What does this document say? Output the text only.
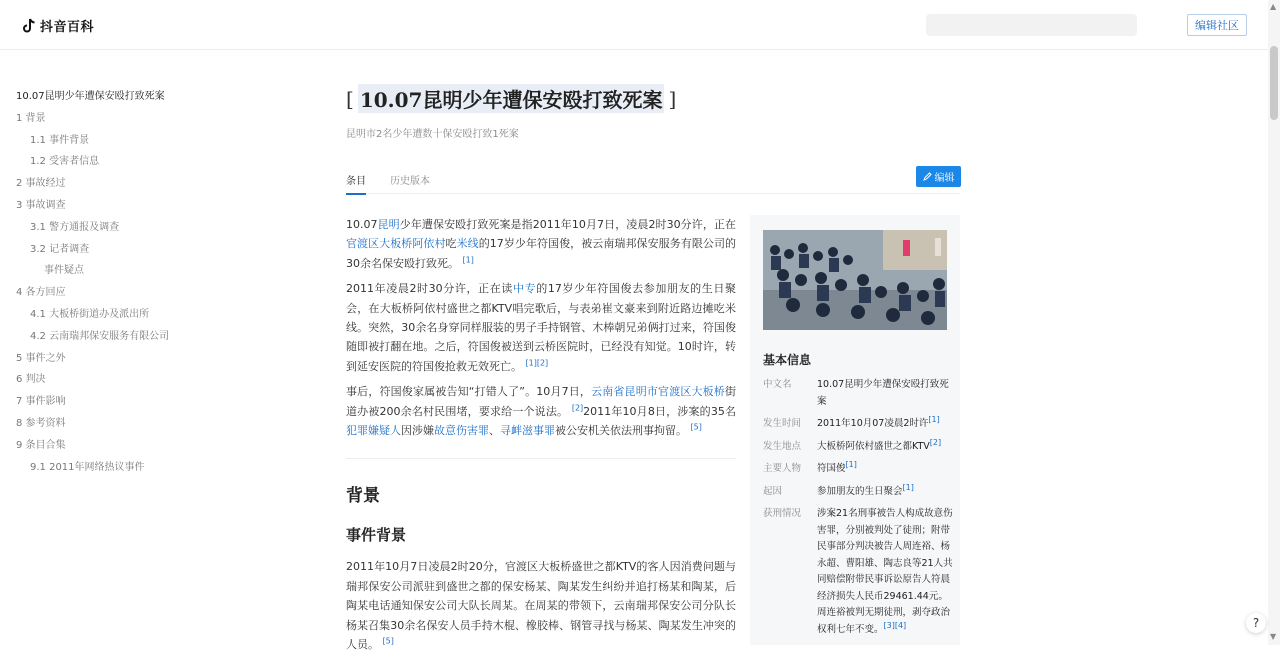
抖音百科	编辑社区
▲
▼
10.07昆明少年遭保安殴打致死案
1 背景
1.1 事件背景
1.2 受害者信息
2 事故经过
3 事故调查
3.1 警方通报及调查
3.2 记者调查
事件疑点
4 各方回应
4.1 大板桥街道办及派出所
4.2 云南瑞邦保安服务有限公司
5 事件之外
6 判决
7 事件影响
8 参考资料
9 条目合集
9.1 2011年网络热议事件
[ 10.07昆明少年遭保安殴打致死案 ]
昆明市2名少年遭数十保安殴打致1死案
条目 历史版本	编辑

10.07昆明少年遭保安殴打致死案是指2011年10月7日，凌晨2时30分许，正在官渡区大板桥阿依村吃米线的17岁少年符国俊，被云南瑞邦保安服务有限公司的30余名保安殴打致死。 [1]

2011年凌晨2时30分许，正在读中专的17岁少年符国俊去参加朋友的生日聚会，在大板桥阿依村盛世之都KTV唱完歌后，与表弟崔文豪来到附近路边摊吃米线。突然，30余名身穿同样服装的男子手持钢管、木棒朝兄弟俩打过来，符国俊随即被打翻在地。之后，符国俊被送到云桥医院时，已经没有知觉。10时许，转到延安医院的符国俊抢救无效死亡。 [1][2]

事后，符国俊家属被告知“打错人了”。10月7日，云南省昆明市官渡区大板桥街道办被200余名村民围堵，要求给一个说法。 [2]2011年10月8日，涉案的35名犯罪嫌疑人因涉嫌故意伤害罪、寻衅滋事罪被公安机关依法刑事拘留。 [5]

背景
事件背景

2011年10月7日凌晨2时20分，官渡区大板桥盛世之都KTV的客人因消费问题与瑞邦保安公司派驻到盛世之都的保安杨某、陶某发生纠纷并追打杨某和陶某，后陶某电话通知保安公司大队长周某。在周某的带领下，云南瑞邦保安公司分队长杨某召集30余名保安人员手持木棍、橡胶棒、钢管寻找与杨某、陶某发生冲突的人员。 [5]

基本信息
中文名	10.07昆明少年遭保安殴打致死案
发生时间	2011年10月07凌晨2时许[1]
发生地点	大板桥阿依村盛世之都KTV[2]
主要人物	符国俊[1]
起因	参加朋友的生日聚会[1]
获刑情况	涉案21名刑事被告人构成故意伤害罪，分别被判处了徒刑；附带民事部分判决被告人周连裕、杨永超、曹阳雄、陶志良等21人共同赔偿附带民事诉讼原告人符晨经济损失人民币29461.44元。周连裕被判无期徒刑，剥夺政治权利七年不变。[3][4]	?
